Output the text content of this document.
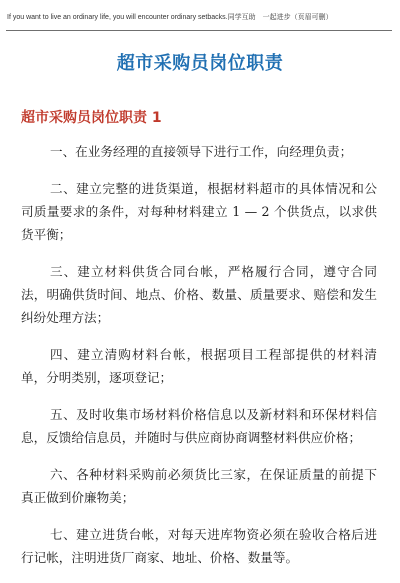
If you want to live an ordinary life, you will encounter ordinary setbacks.同学互助　一起进步（页眉可删）
超市采购员岗位职责
超市采购员岗位职责 1

一、在业务经理的直接领导下进行工作，向经理负责；

二、建立完整的进货渠道，根据材料超市的具体情况和公司质量要求的条件，对每种材料建立 1 — 2 个供货点，以求供货平衡；

三、建立材料供货合同台帐，严格履行合同，遵守合同法，明确供货时间、地点、价格、数量、质量要求、赔偿和发生纠纷处理方法；

四、建立清购材料台帐，根据项目工程部提供的材料清单，分明类别，逐项登记；

五、及时收集市场材料价格信息以及新材料和环保材料信息，反馈给信息员，并随时与供应商协商调整材料供应价格；

六、各种材料采购前必须货比三家，在保证质量的前提下真正做到价廉物美；

七、建立进货台帐，对每天进库物资必须在验收合格后进行记帐，注明进货厂商家、地址、价格、数量等。
